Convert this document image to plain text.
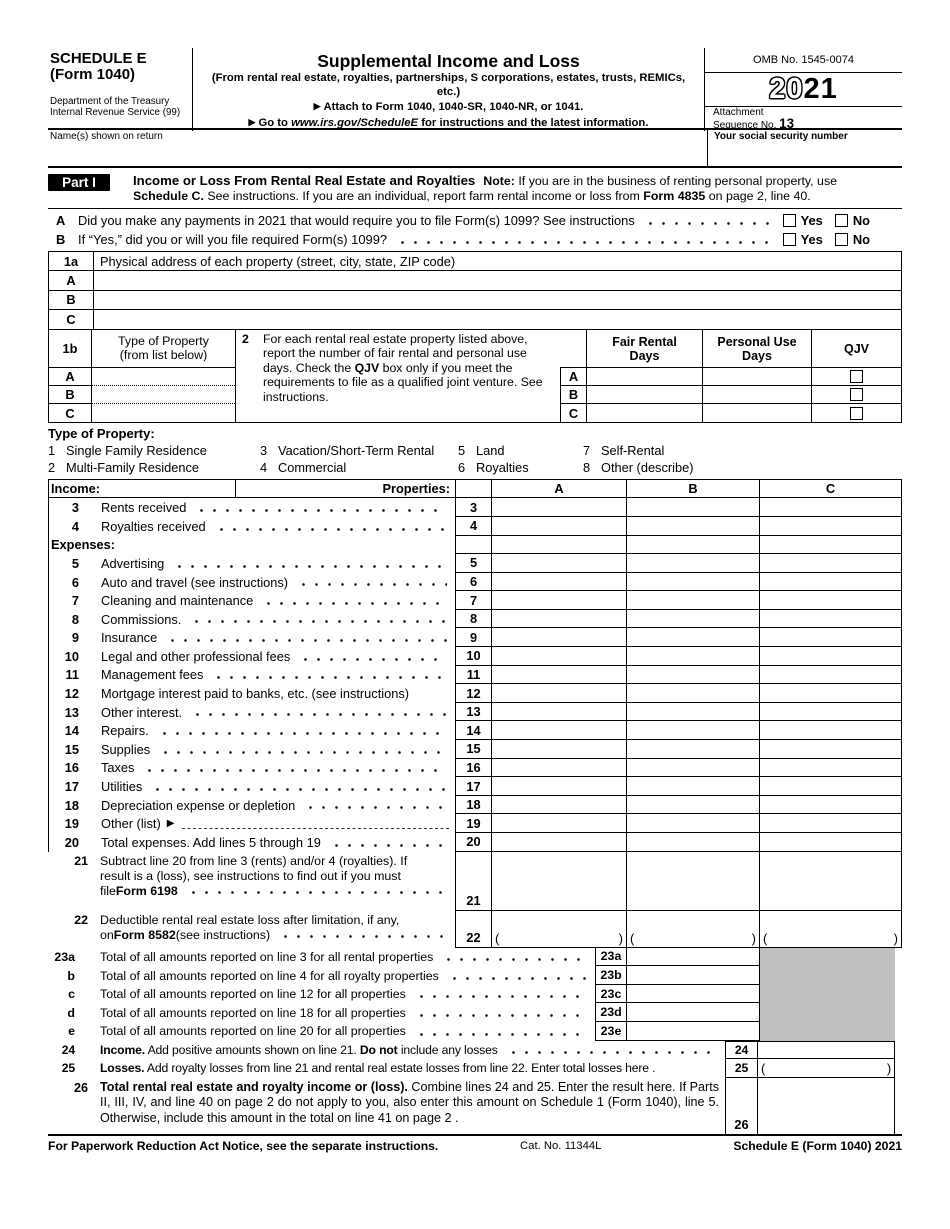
SCHEDULE E
(Form 1040)
Department of the Treasury
Internal Revenue Service (99)
Supplemental Income and Loss
(From rental real estate, royalties, partnerships, S corporations, estates, trusts, REMICs, etc.)
▶ Attach to Form 1040, 1040-SR, 1040-NR, or 1041.
▶ Go to www.irs.gov/ScheduleE for instructions and the latest information.
OMB No. 1545-0074
20 21
Attachment
Sequence No. 13
Name(s) shown on return	Your social security number
Part I	Income or Loss From Rental Real Estate and Royalties Note: If you are in the business of renting personal property, use
Schedule C. See instructions. If you are an individual, report farm rental income or loss from Form 4835 on page 2, line 40.
A Did you make any payments in 2021 that would require you to file Form(s) 1099? See instructions	Yes No
B If “Yes,” did you or will you file required Form(s) 1099?	Yes No
1a	Physical address of each property (street, city, state, ZIP code)
A
B
C
1b	Type of Property
(from list below)
2	For each rental real estate property listed above, report the number of fair rental and personal use days. Check the QJV box only if you meet the requirements to file as a qualified joint venture. See instructions.
Fair Rental
Days
Personal Use
Days	QJV
A	A
B	B
C	C
Type of Property:
1 Single Family Residence	3 Vacation/Short-Term Rental 5 Land	7 Self-Rental
2 Multi-Family Residence	4 Commercial	6 Royalties	8 Other (describe)
Income:	Properties:	A	B	C
3 Rents received	3
4 Royalties received	4
Expenses:
5 Advertising	5
6 Auto and travel (see instructions)	6
7 Cleaning and maintenance	7
8 Commissions.	8
9 Insurance	9
10 Legal and other professional fees	10
11 Management fees	11
12 Mortgage interest paid to banks, etc. (see instructions)	12
13 Other interest.	13
14 Repairs.	14
15 Supplies	15
16 Taxes	16
17 Utilities	17
18 Depreciation expense or depletion	18
19 Other (list) ▶	19
20 Total expenses. Add lines 5 through 19	20
21 Subtract line 20 from line 3 (rents) and/or 4 (royalties). If
result is a (loss), see instructions to find out if you must
file Form 6198
21
22 Deductible rental real estate loss after limitation, if any,
on Form 8582 (see instructions)	22	(	) (	) (	)
23a Total of all amounts reported on line 3 for all rental properties	23a
b Total of all amounts reported on line 4 for all royalty properties	23b
c Total of all amounts reported on line 12 for all properties	23c
d Total of all amounts reported on line 18 for all properties	23d
e Total of all amounts reported on line 20 for all properties	23e
24 Income. Add positive amounts shown on line 21. Do not include any losses	24
25 Losses. Add royalty losses from line 21 and rental real estate losses from line 22. Enter total losses here .	25 (	)
26 Total rental real estate and royalty income or (loss). Combine lines 24 and 25. Enter the result here. If Parts II, III, IV, and line 40 on page 2 do not apply to you, also enter this amount on Schedule 1 (Form 1040), line 5. Otherwise, include this amount in the total on line 41 on page 2 .	26
For Paperwork Reduction Act Notice, see the separate instructions.	Cat. No. 11344L	Schedule E (Form 1040) 2021
